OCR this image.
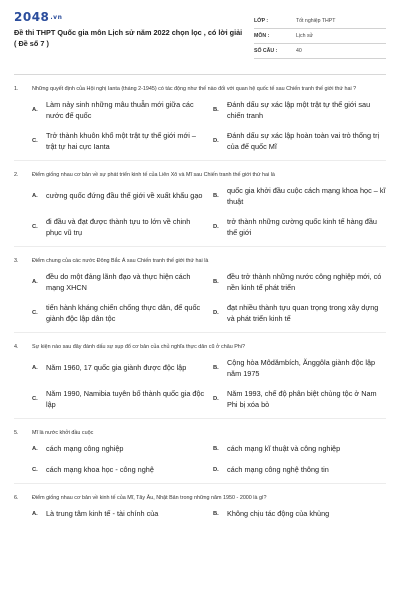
2048.vn
Đề thi THPT Quốc gia môn Lịch sử năm 2022 chọn lọc , có lời giải ( Đề số 7 )
LỚP :	Tốt nghiệp THPT
MÔN :	Lịch sử
SỐ CÂU :	40
1.	Những quyết định của Hội nghị Ianta (tháng 2-1945) có tác động như thế nào đối với quan hệ quốc tế sau Chiến tranh thế giới thứ hai ?
A.
Làm nảy sinh những mâu thuẫn mới giữa các nước đế quốc
B.
Đánh dấu sự xác lập một trật tự thế giới sau chiến tranh
C.
Trở thành khuôn khổ một trật tự thế giới mới – trật tự hai cực Ianta
D.
Đánh dấu sự xác lập hoàn toàn vai trò thống trị của đế quốc Mĩ
2.	Điểm giống nhau cơ bản về sự phát triển kinh tế của Liên Xô và Mĩ sau Chiến tranh thế giới thứ hai là
A.	cường quốc đứng đầu thế giới về xuất khẩu gạo	B.
quốc gia khởi đầu cuộc cách mạng khoa học – kĩ thuật
C.
đi đầu và đạt được thành tựu to lớn về chinh phục vũ trụ
D.
trở thành những cường quốc kinh tế hàng đầu thế giới
3.	Điểm chung của các nước Đông Bắc Á sau Chiến tranh thế giới thứ hai là
A.
đều do một đảng lãnh đạo và thực hiện cách mạng XHCN
B.
đều trở thành những nước công nghiệp mới, có nền kinh tế phát triển
C.
tiến hành kháng chiến chống thực dân, đế quốc giành độc lập dân tộc
D.
đạt nhiều thành tựu quan trọng trong xây dựng và phát triển kinh tế
4.	Sự kiện nào sau đây đánh dấu sự sụp đổ cơ bản của chủ nghĩa thực dân cũ ở châu Phi?
A.	Năm 1960, 17 quốc gia giành được độc lập	B.
Cộng hòa Môdămbích, Ănggôla giành độc lập năm 1975
C.
Năm 1990, Namibia tuyên bố thành quốc gia độc lập
D.
Năm 1993, chế độ phân biệt chủng tộc ở Nam Phi bị xóa bỏ
5.	Mĩ là nước khởi đầu cuộc
A.	cách mạng công nghiệp	B.	cách mạng kĩ thuật và công nghiệp
C.	cách mạng khoa học - công nghệ	D.	cách mạng công nghệ thông tin
6.	Điểm giống nhau cơ bản về kinh tế của Mĩ, Tây Âu, Nhật Bản trong những năm 1950 - 2000 là gì?
A.	Là trung tâm kinh tế - tài chính của	B.	Không chịu tác động của khủng
